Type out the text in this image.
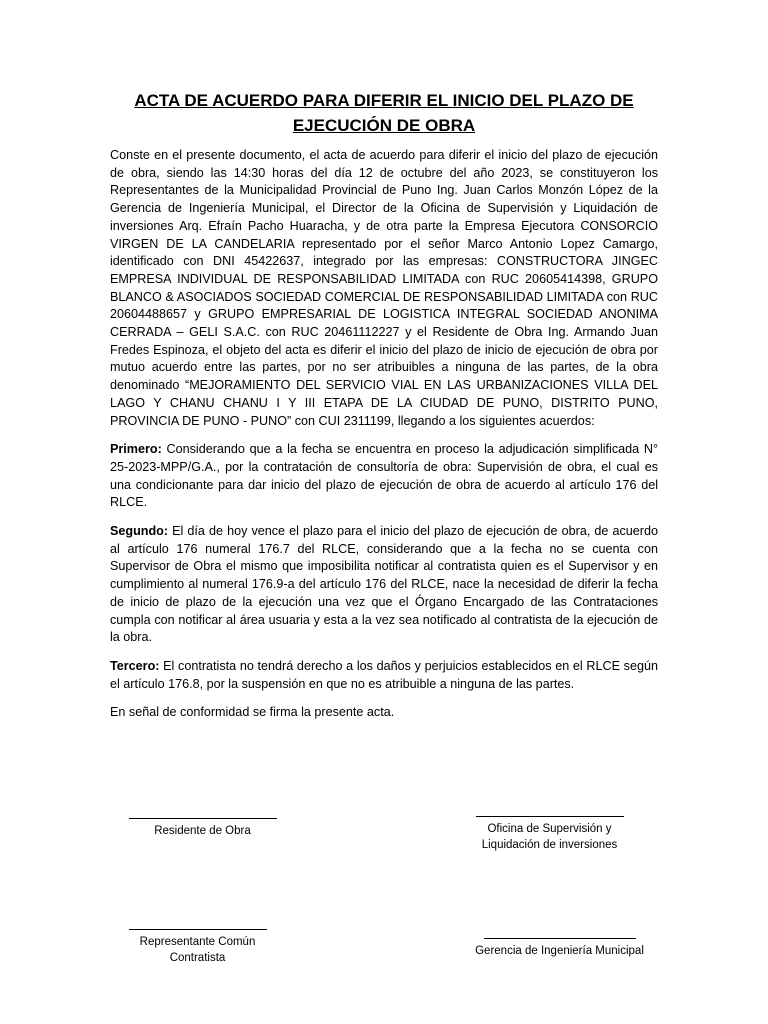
ACTA DE ACUERDO PARA DIFERIR EL INICIO DEL PLAZO DE
EJECUCIÓN DE OBRA

Conste en el presente documento, el acta de acuerdo para diferir el inicio del plazo de ejecución de obra, siendo las 14:30 horas del día 12 de octubre del año 2023, se constituyeron los Representantes de la Municipalidad Provincial de Puno Ing. Juan Carlos Monzón López de la Gerencia de Ingeniería Municipal, el Director de la Oficina de Supervisión y Liquidación de inversiones Arq. Efraín Pacho Huaracha, y de otra parte la Empresa Ejecutora CONSORCIO VIRGEN DE LA CANDELARIA representado por el señor Marco Antonio Lopez Camargo, identificado con DNI 45422637, integrado por las empresas: CONSTRUCTORA JINGEC EMPRESA INDIVIDUAL DE RESPONSABILIDAD LIMITADA con RUC 20605414398, GRUPO BLANCO & ASOCIADOS SOCIEDAD COMERCIAL DE RESPONSABILIDAD LIMITADA con RUC 20604488657 y GRUPO EMPRESARIAL DE LOGISTICA INTEGRAL SOCIEDAD ANONIMA CERRADA – GELI S.A.C. con RUC 20461112227 y el Residente de Obra Ing. Armando Juan Fredes Espinoza, el objeto del acta es diferir el inicio del plazo de inicio de ejecución de obra por mutuo acuerdo entre las partes, por no ser atribuibles a ninguna de las partes, de la obra denominado “MEJORAMIENTO DEL SERVICIO VIAL EN LAS URBANIZACIONES VILLA DEL LAGO Y CHANU CHANU I Y III ETAPA DE LA CIUDAD DE PUNO, DISTRITO PUNO, PROVINCIA DE PUNO - PUNO” con CUI 2311199, llegando a los siguientes acuerdos:

Primero: Considerando que a la fecha se encuentra en proceso la adjudicación simplificada N° 25-2023-MPP/G.A., por la contratación de consultoría de obra: Supervisión de obra, el cual es una condicionante para dar inicio del plazo de ejecución de obra de acuerdo al artículo 176 del RLCE.

Segundo: El día de hoy vence el plazo para el inicio del plazo de ejecución de obra, de acuerdo al artículo 176 numeral 176.7 del RLCE, considerando que a la fecha no se cuenta con Supervisor de Obra el mismo que imposibilita notificar al contratista quien es el Supervisor y en cumplimiento al numeral 176.9-a del artículo 176 del RLCE, nace la necesidad de diferir la fecha de inicio de plazo de la ejecución una vez que el Órgano Encargado de las Contrataciones cumpla con notificar al área usuaria y esta a la vez sea notificado al contratista de la ejecución de la obra.

Tercero: El contratista no tendrá derecho a los daños y perjuicios establecidos en el RLCE según el artículo 176.8, por la suspensión en que no es atribuible a ninguna de las partes.

En señal de conformidad se firma la presente acta.

Residente de Obra	Oficina de Supervisión y
Liquidación de inversiones
Representante Común
Contratista
Gerencia de Ingeniería Municipal
